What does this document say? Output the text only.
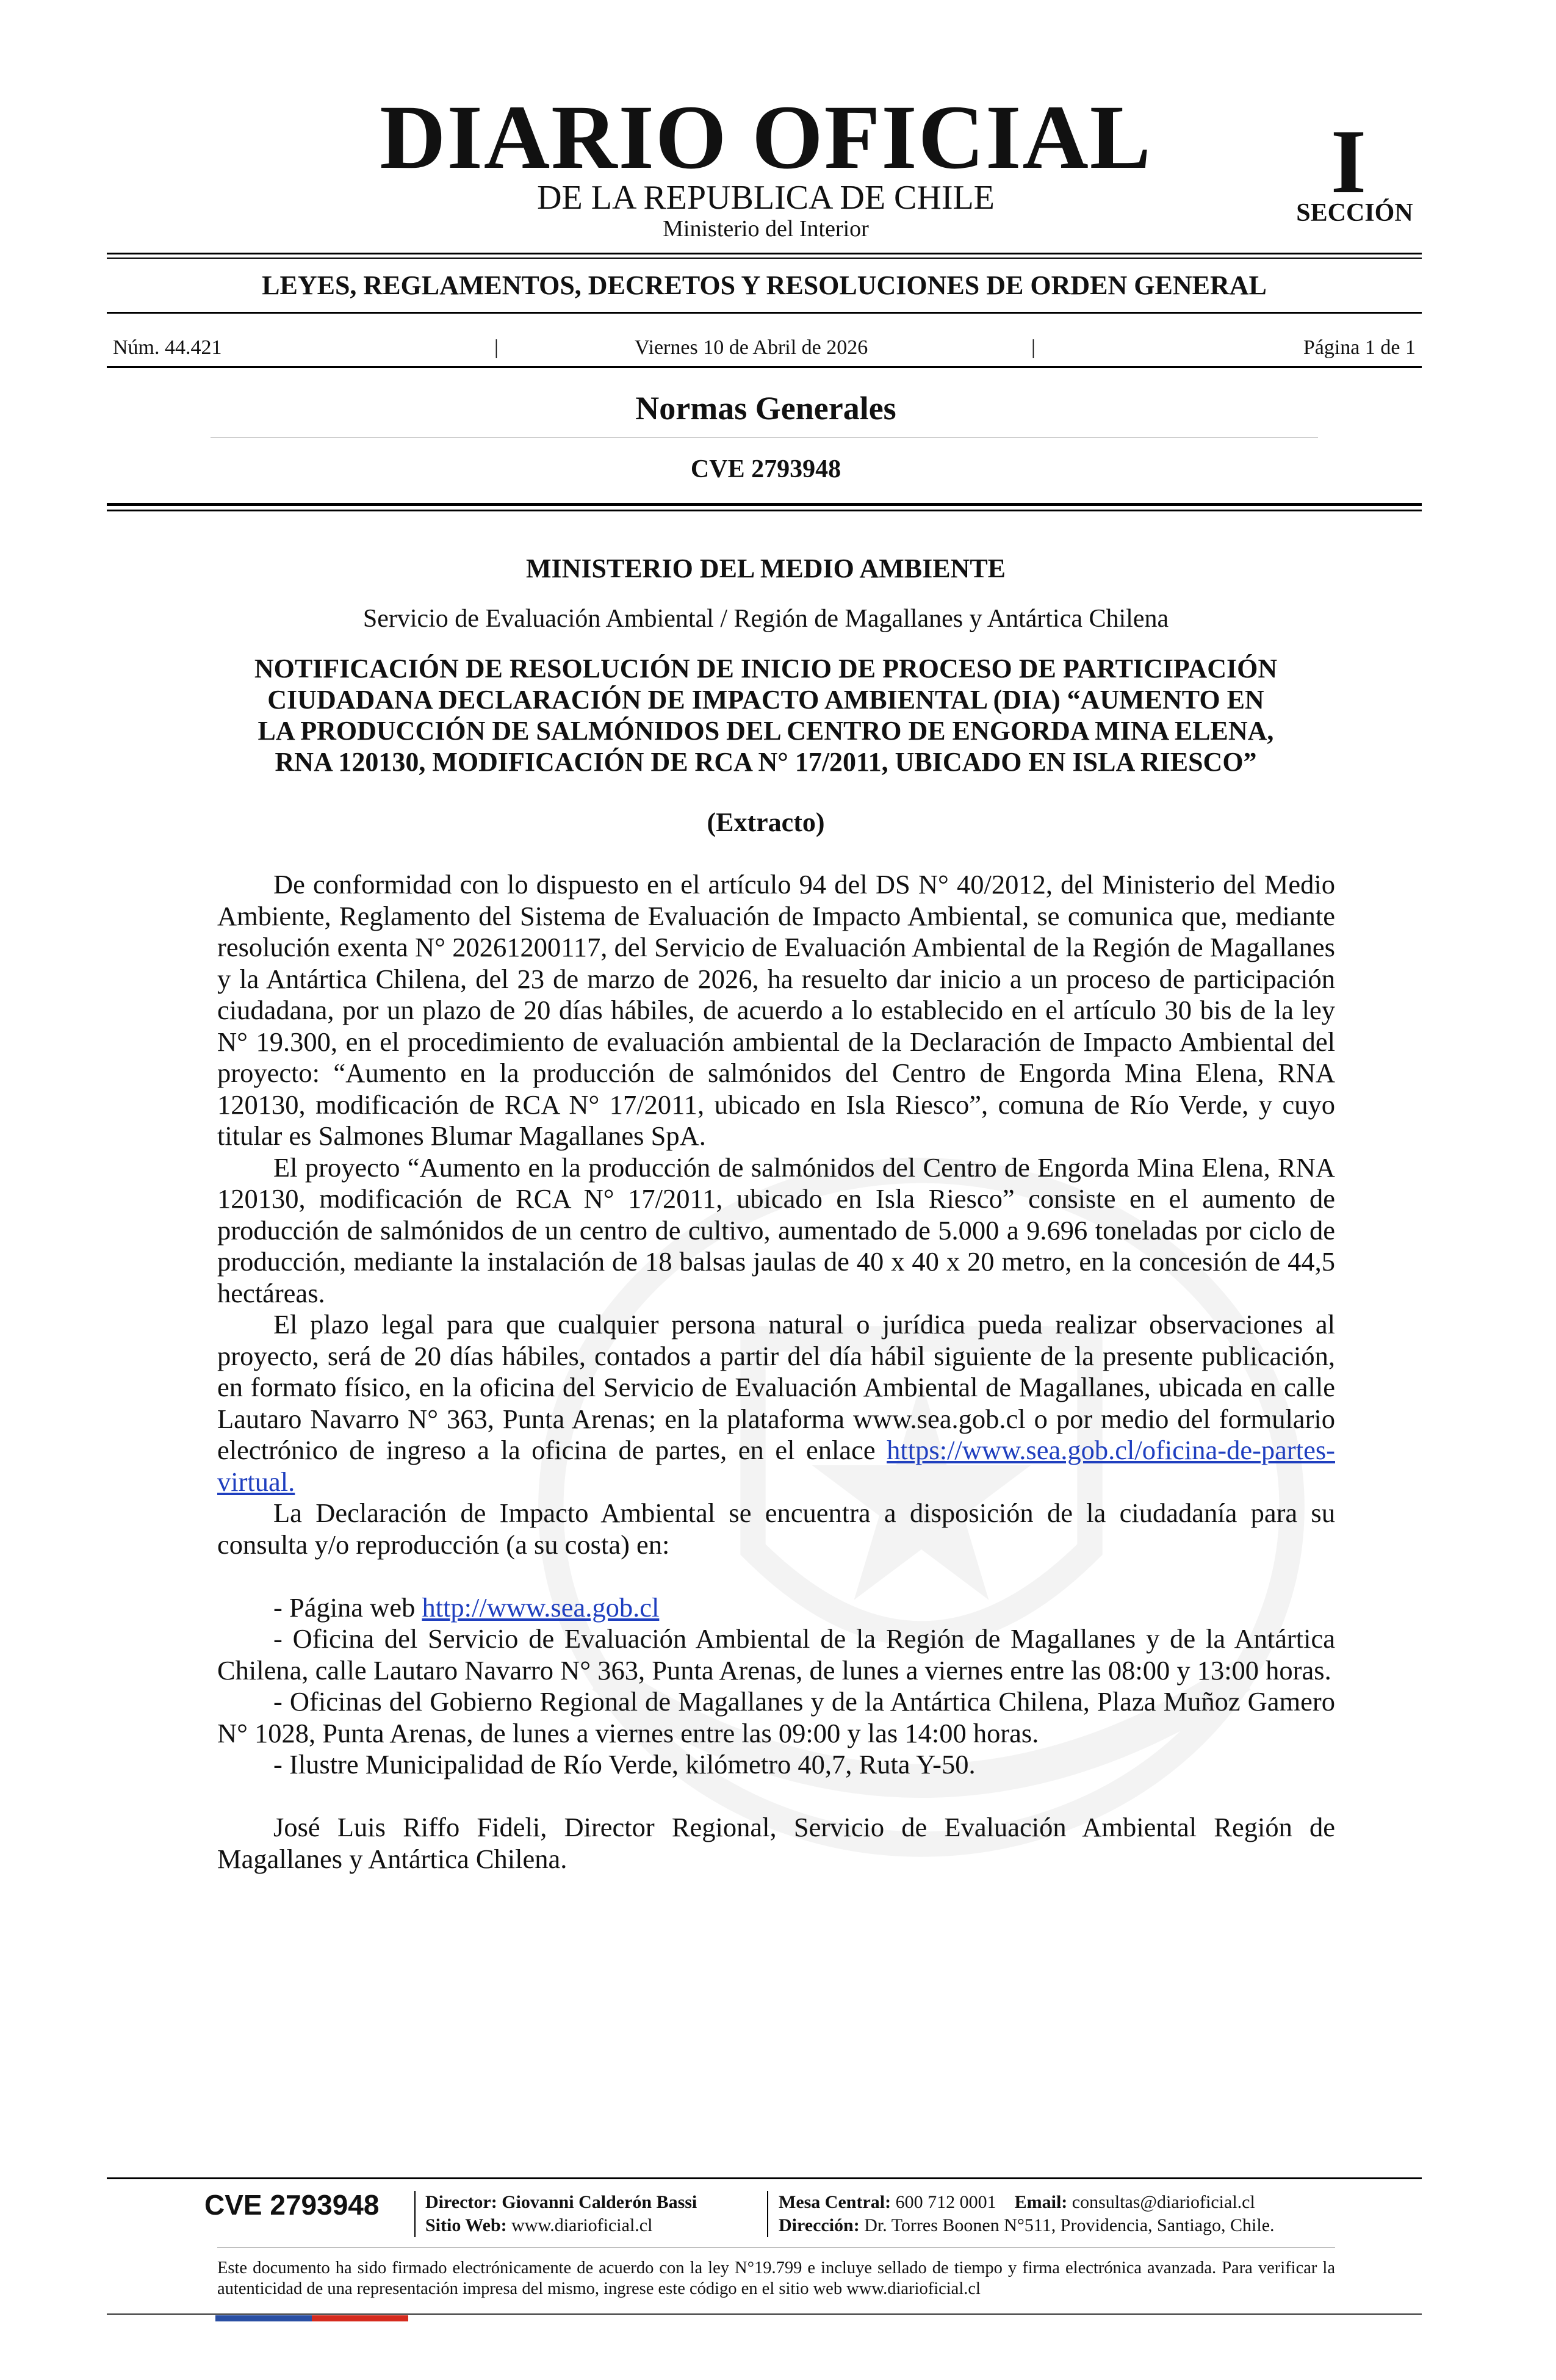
DIARIO OFICIAL
DE LA REPUBLICA DE CHILE
Ministerio del Interior
I
SECCIÓN
LEYES, REGLAMENTOS, DECRETOS Y RESOLUCIONES DE ORDEN GENERAL
Núm. 44.421	|	Viernes 10 de Abril de 2026	|	Página 1 de 1
Normas Generales
CVE 2793948
MINISTERIO DEL MEDIO AMBIENTE
Servicio de Evaluación Ambiental / Región de Magallanes y Antártica Chilena
NOTIFICACIÓN DE RESOLUCIÓN DE INICIO DE PROCESO DE PARTICIPACIÓN
CIUDADANA DECLARACIÓN DE IMPACTO AMBIENTAL (DIA) “AUMENTO EN
LA PRODUCCIÓN DE SALMÓNIDOS DEL CENTRO DE ENGORDA MINA ELENA,
RNA 120130, MODIFICACIÓN DE RCA N° 17/2011, UBICADO EN ISLA RIESCO”
(Extracto)

De conformidad con lo dispuesto en el artículo 94 del DS N° 40/2012, del Ministerio del Medio Ambiente, Reglamento del Sistema de Evaluación de Impacto Ambiental, se comunica que, mediante resolución exenta N° 20261200117, del Servicio de Evaluación Ambiental de la Región de Magallanes y la Antártica Chilena, del 23 de marzo de 2026, ha resuelto dar inicio a un proceso de participación ciudadana, por un plazo de 20 días hábiles, de acuerdo a lo establecido en el artículo 30 bis de la ley N° 19.300, en el procedimiento de evaluación ambiental de la Declaración de Impacto Ambiental del proyecto: “Aumento en la producción de salmónidos del Centro de Engorda Mina Elena, RNA 120130, modificación de RCA N° 17/2011, ubicado en Isla Riesco”, comuna de Río Verde, y cuyo titular es Salmones Blumar Magallanes SpA.

El proyecto “Aumento en la producción de salmónidos del Centro de Engorda Mina Elena, RNA 120130, modificación de RCA N° 17/2011, ubicado en Isla Riesco” consiste en el aumento de producción de salmónidos de un centro de cultivo, aumentado de 5.000 a 9.696 toneladas por ciclo de producción, mediante la instalación de 18 balsas jaulas de 40 x 40 x 20 metro, en la concesión de 44,5 hectáreas.

El plazo legal para que cualquier persona natural o jurídica pueda realizar observaciones al proyecto, será de 20 días hábiles, contados a partir del día hábil siguiente de la presente publicación, en formato físico, en la oficina del Servicio de Evaluación Ambiental de Magallanes, ubicada en calle Lautaro Navarro N° 363, Punta Arenas; en la plataforma www.sea.gob.cl o por medio del formulario electrónico de ingreso a la oficina de partes, en el enlace https://www.sea.gob.cl/oficina-de-partes-virtual.

La Declaración de Impacto Ambiental se encuentra a disposición de la ciudadanía para su consulta y/o reproducción (a su costa) en:

- Página web http://www.sea.gob.cl

- Oficina del Servicio de Evaluación Ambiental de la Región de Magallanes y de la Antártica Chilena, calle Lautaro Navarro N° 363, Punta Arenas, de lunes a viernes entre las 08:00 y 13:00 horas.

- Oficinas del Gobierno Regional de Magallanes y de la Antártica Chilena, Plaza Muñoz Gamero N° 1028, Punta Arenas, de lunes a viernes entre las 09:00 y las 14:00 horas.

- Ilustre Municipalidad de Río Verde, kilómetro 40,7, Ruta Y-50.

José Luis Riffo Fideli, Director Regional, Servicio de Evaluación Ambiental Región de Magallanes y Antártica Chilena.

CVE 2793948	Director: Giovanni Calderón Bassi
Sitio Web: www.diarioficial.cl
Mesa Central: 600 712 0001 Email: consultas@diarioficial.cl
Dirección: Dr. Torres Boonen N°511, Providencia, Santiago, Chile.
Este documento ha sido firmado electrónicamente de acuerdo con la ley N°19.799 e incluye sellado de tiempo y firma electrónica avanzada. Para verificar la autenticidad de una representación impresa del mismo, ingrese este código en el sitio web www.diarioficial.cl
